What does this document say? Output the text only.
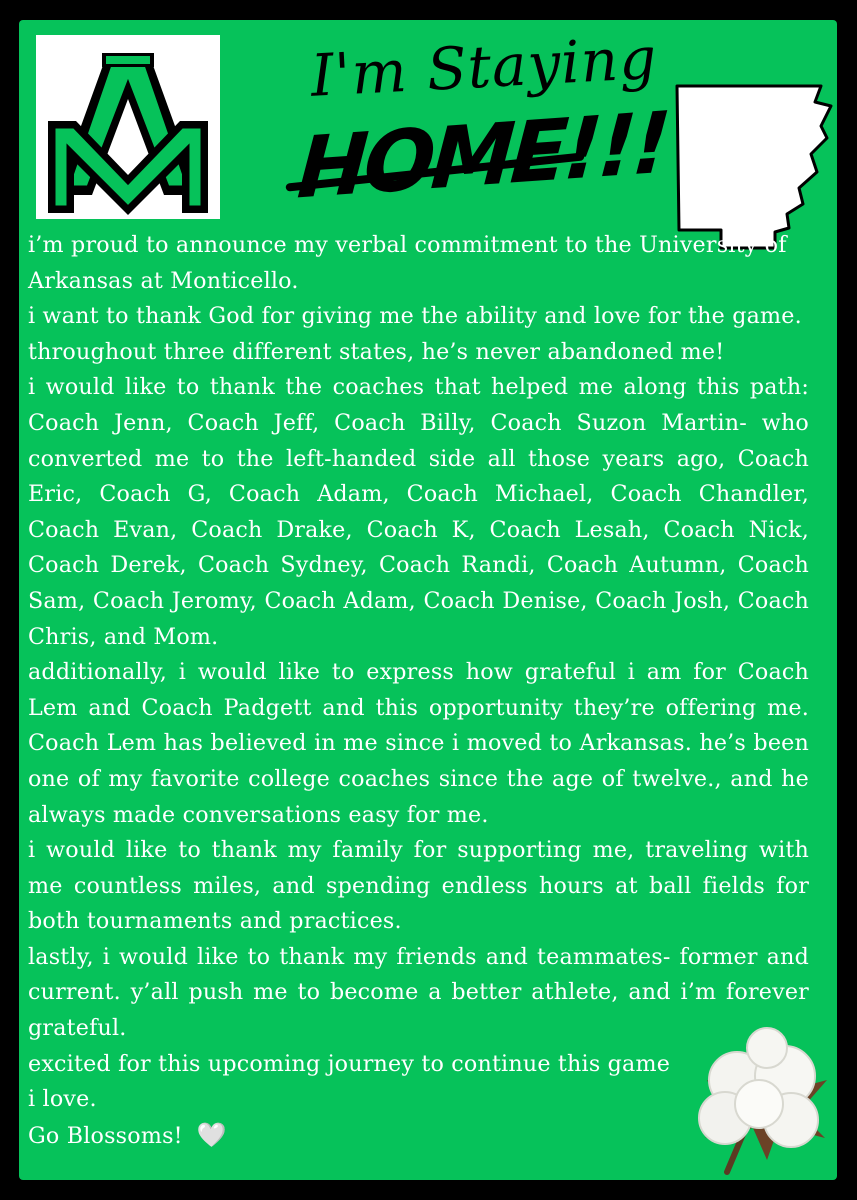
I'm Staying
HOME!!!

i’m proud to announce my verbal commitment to the University of Arkansas at Monticello.

i want to thank God for giving me the ability and love for the game.

throughout three different states, he’s never abandoned me!

i would like to thank the coaches that helped me along this path: Coach Jenn, Coach Jeff, Coach Billy, Coach Suzon Martin- who converted me to the left-handed side all those years ago, Coach Eric, Coach G, Coach Adam, Coach Michael, Coach Chandler, Coach Evan, Coach Drake, Coach K, Coach Lesah, Coach Nick, Coach Derek, Coach Sydney, Coach Randi, Coach Autumn, Coach Sam, Coach Jeromy, Coach Adam, Coach Denise, Coach Josh, Coach Chris, and Mom.

additionally, i would like to express how grateful i am for Coach Lem and Coach Padgett and this opportunity they’re offering me. Coach Lem has believed in me since i moved to Arkansas. he’s been one of my favorite college coaches since the age of twelve., and he always made conversations easy for me.

i would like to thank my family for supporting me, traveling with me countless miles, and spending endless hours at ball fields for both tournaments and practices.

lastly, i would like to thank my friends and teammates- former and current. y’all push me to become a better athlete, and i’m forever grateful.

excited for this upcoming journey to continue this game

i love.

Go Blossoms! 🤍
